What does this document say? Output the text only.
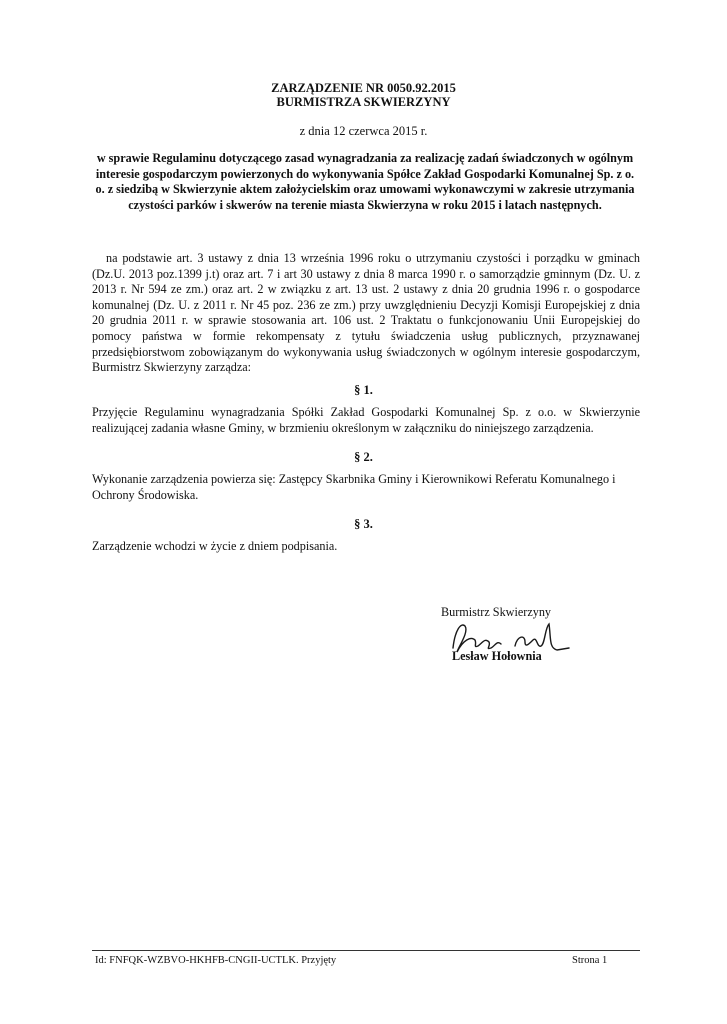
ZARZĄDZENIE NR 0050.92.2015
BURMISTRZA SKWIERZYNY
z dnia 12 czerwca 2015 r.
w sprawie Regulaminu dotyczącego zasad wynagradzania za realizację zadań świadczonych w ogólnym interesie gospodarczym powierzonych do wykonywania Spółce Zakład Gospodarki Komunalnej Sp. z o. o. z siedzibą w Skwierzynie aktem założycielskim oraz umowami wykonawczymi w zakresie utrzymania czystości parków i skwerów na terenie miasta Skwierzyna w roku 2015 i latach następnych.
na podstawie art. 3 ustawy z dnia 13 września 1996 roku o utrzymaniu czystości i porządku w gminach (Dz.U. 2013 poz.1399 j.t) oraz art. 7 i art 30 ustawy z dnia 8 marca 1990 r. o samorządzie gminnym (Dz. U. z 2013 r. Nr 594 ze zm.) oraz art. 2 w związku z art. 13 ust. 2 ustawy z dnia 20 grudnia 1996 r. o gospodarce komunalnej (Dz. U. z 2011 r. Nr 45 poz. 236 ze zm.) przy uwzględnieniu Decyzji Komisji Europejskiej z dnia 20 grudnia 2011 r. w sprawie stosowania art. 106 ust. 2 Traktatu o funkcjonowaniu Unii Europejskiej do pomocy państwa w formie rekompensaty z tytułu świadczenia usług publicznych, przyznawanej przedsiębiorstwom zobowiązanym do wykonywania usług świadczonych w ogólnym interesie gospodarczym, Burmistrz Skwierzyny zarządza:
§ 1.
Przyjęcie Regulaminu wynagradzania Spółki Zakład Gospodarki Komunalnej Sp. z o.o. w Skwierzynie realizującej zadania własne Gminy, w brzmieniu określonym w załączniku do niniejszego zarządzenia.
§ 2.
Wykonanie zarządzenia powierza się: Zastępcy Skarbnika Gminy i Kierownikowi Referatu Komunalnego i Ochrony Środowiska.
§ 3.
Zarządzenie wchodzi w życie z dniem podpisania.
Burmistrz Skwierzyny
Lesław Hołownia
Id: FNFQK-WZBVO-HKHFB-CNGII-UCTLK. Przyjęty	Strona 1
